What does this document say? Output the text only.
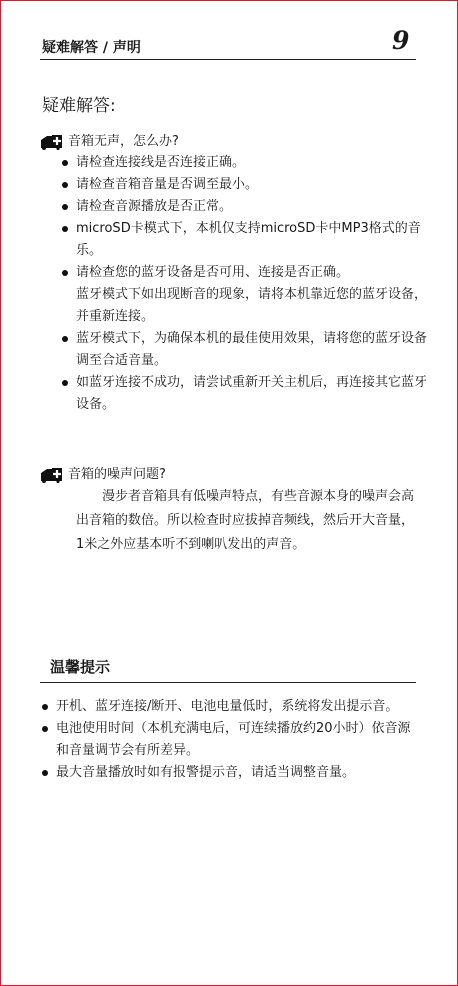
疑难解答 / 声明	9
疑难解答:
音箱无声，怎么办?
请检查连接线是否连接正确。
请检查音箱音量是否调至最小。
请检查音源播放是否正常。
microSD卡模式下，本机仅支持microSD卡中MP3格式的音乐。
请检查您的蓝牙设备是否可用、连接是否正确。
蓝牙模式下如出现断音的现象，请将本机靠近您的蓝牙设备，并重新连接。
蓝牙模式下，为确保本机的最佳使用效果，请将您的蓝牙设备调至合适音量。
如蓝牙连接不成功，请尝试重新开关主机后，再连接其它蓝牙设备。
音箱的噪声问题?
漫步者音箱具有低噪声特点，有些音源本身的噪声会高出音箱的数倍。所以检查时应拔掉音频线，然后开大音量，1米之外应基本听不到喇叭发出的声音。
温馨提示
开机、蓝牙连接/断开、电池电量低时，系统将发出提示音。
电池使用时间（本机充满电后，可连续播放约20小时）依音源和音量调节会有所差异。
最大音量播放时如有报警提示音，请适当调整音量。
